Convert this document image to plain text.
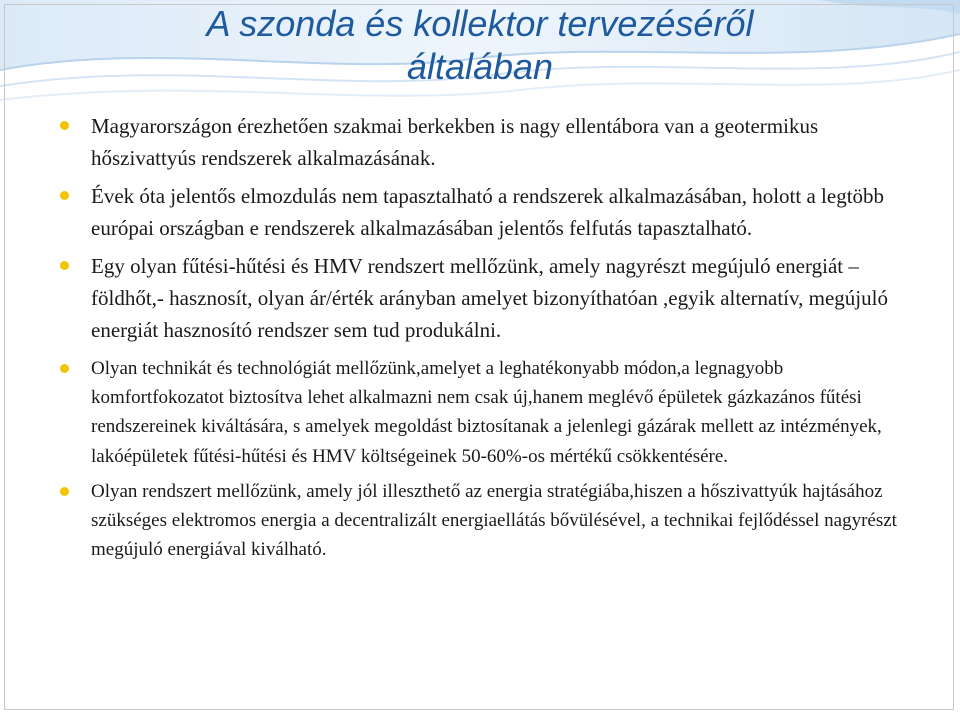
A szonda és kollektor tervezéséről
általában
Magyarországon érezhetően szakmai berkekben is nagy ellentábora van a geotermikus hőszivattyús rendszerek alkalmazásának.
Évek óta jelentős elmozdulás nem tapasztalható a rendszerek alkalmazásában, holott a legtöbb európai országban e rendszerek alkalmazásában jelentős felfutás tapasztalható.
Egy olyan fűtési-hűtési és HMV rendszert mellőzünk, amely nagyrészt megújuló energiát – földhőt,- hasznosít, olyan ár/érték arányban amelyet bizonyíthatóan ,egyik alternatív, megújuló energiát hasznosító rendszer sem tud produkálni.
Olyan technikát és technológiát mellőzünk,amelyet a leghatékonyabb módon,a legnagyobb komfortfokozatot biztosítva lehet alkalmazni nem csak új,hanem meglévő épületek gázkazános fűtési rendszereinek kiváltására, s amelyek megoldást biztosítanak a jelenlegi gázárak mellett az intézmények, lakóépületek fűtési-hűtési és HMV költségeinek 50-60%-os mértékű csökkentésére.
Olyan rendszert mellőzünk, amely jól illeszthető az energia stratégiába,hiszen a hőszivattyúk hajtásához szükséges elektromos energia a decentralizált energiaellátás bővülésével, a technikai fejlődéssel nagyrészt megújuló energiával kiválható.
